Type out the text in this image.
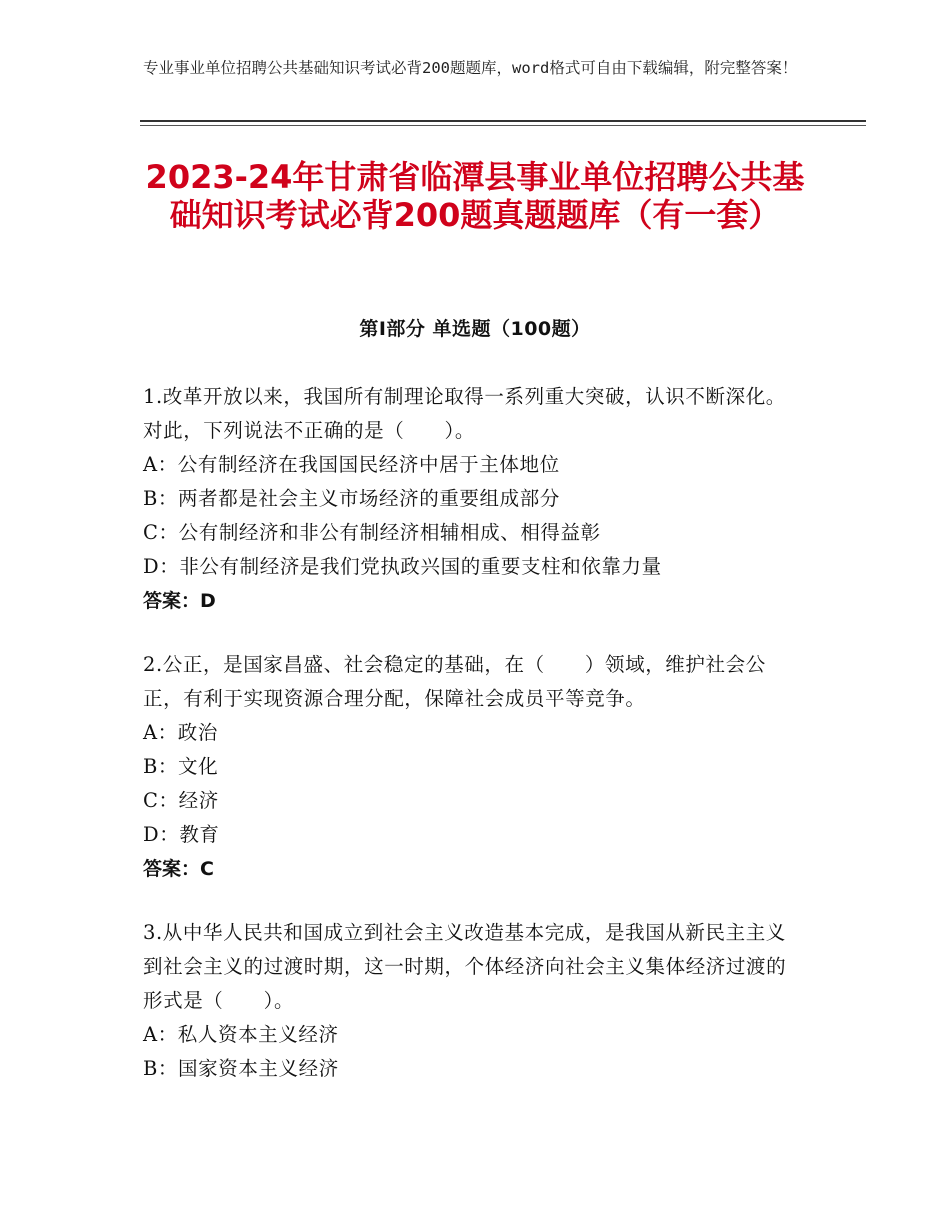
专业事业单位招聘公共基础知识考试必背200题题库，word格式可自由下载编辑，附完整答案！
2023-24年甘肃省临潭县事业单位招聘公共基础知识考试必背200题真题题库（有一套）
第Ⅰ部分 单选题（100题）
1.改革开放以来，我国所有制理论取得一系列重大突破，认识不断深化。对此，下列说法不正确的是（　　）。
A：公有制经济在我国国民经济中居于主体地位
B：两者都是社会主义市场经济的重要组成部分
C：公有制经济和非公有制经济相辅相成、相得益彰
D：非公有制经济是我们党执政兴国的重要支柱和依靠力量
答案：D
2.公正，是国家昌盛、社会稳定的基础，在（　　）领域，维护社会公正，有利于实现资源合理分配，保障社会成员平等竞争。
A：政治
B：文化
C：经济
D：教育
答案：C
3.从中华人民共和国成立到社会主义改造基本完成，是我国从新民主主义到社会主义的过渡时期，这一时期，个体经济向社会主义集体经济过渡的形式是（　　）。
A：私人资本主义经济
B：国家资本主义经济
